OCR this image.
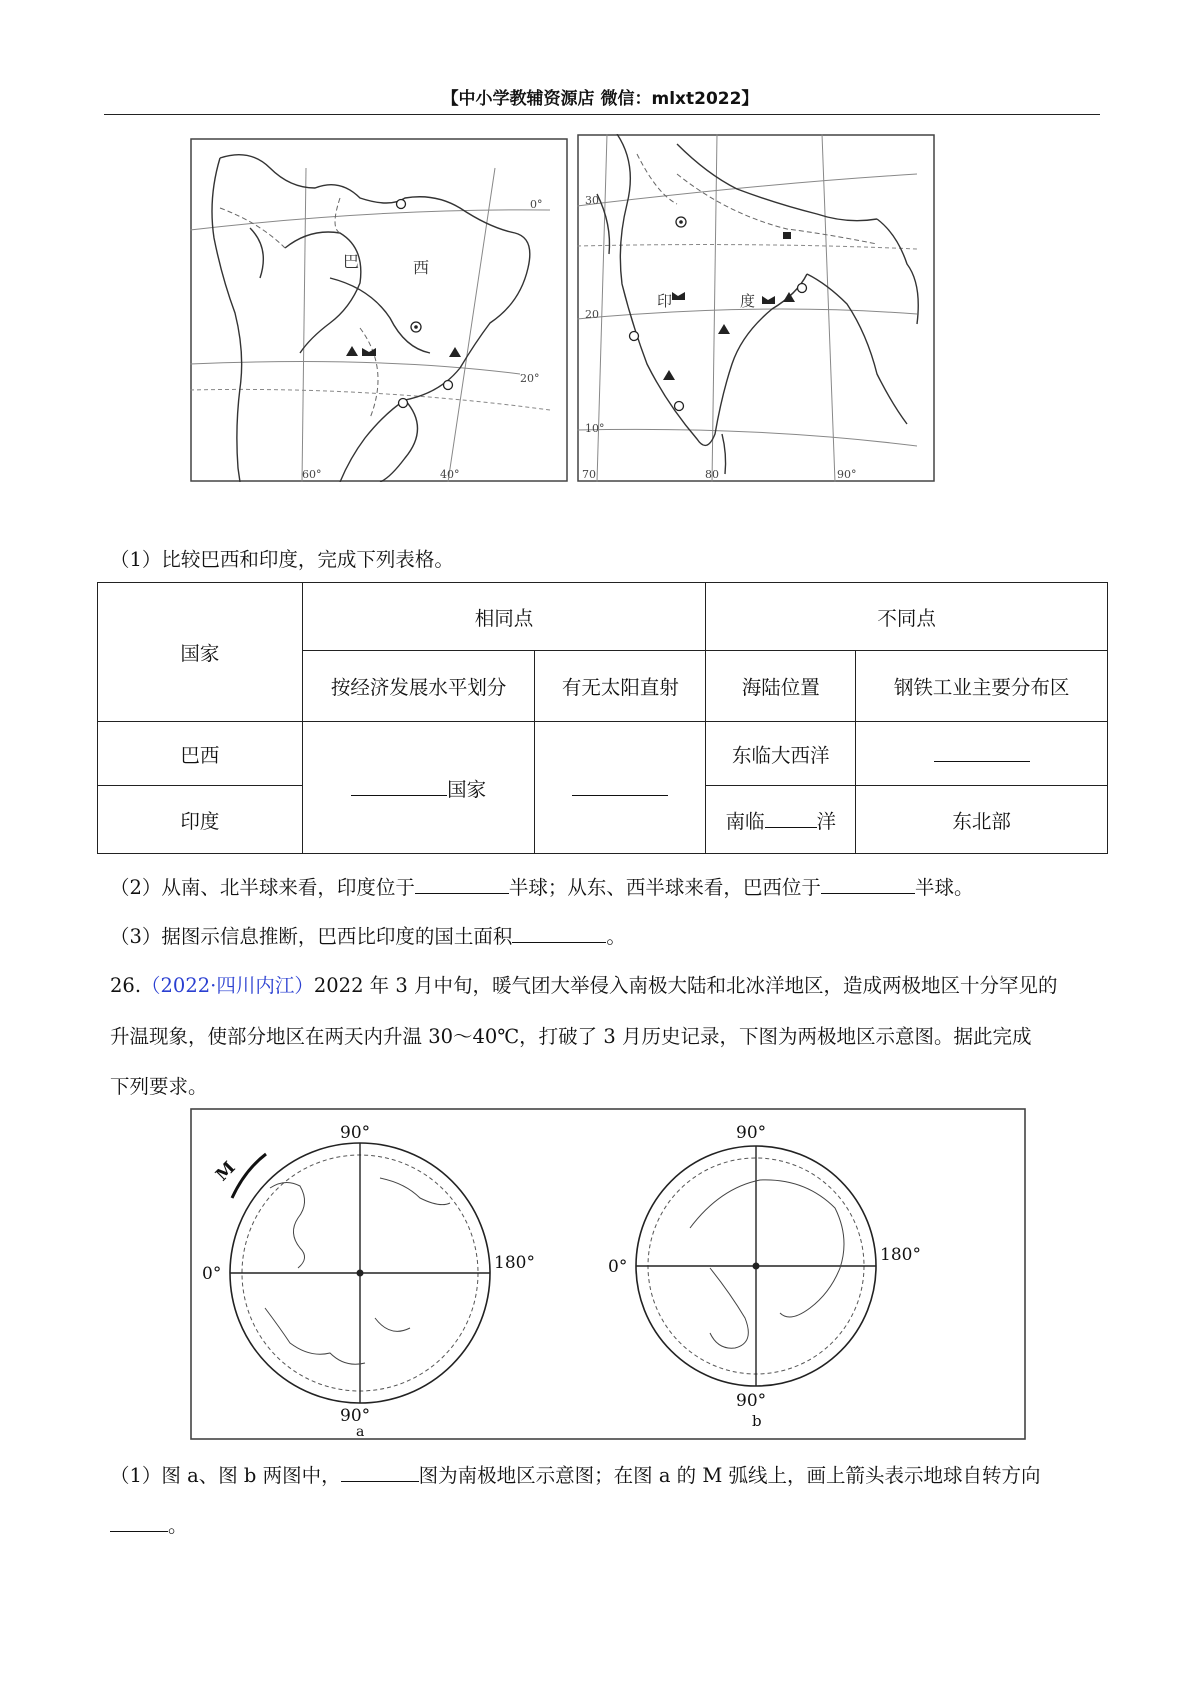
【中小学教辅资源店 微信：mlxt2022】
巴	西
0°
20°
60°	40°
印	度
30
20
10°
70	80	90°
（1）比较巴西和印度，完成下列表格。
国家	相同点		不同点	
	按经济发展水平划分	有无太阳直射	海陆位置	钢铁工业主要分布区
巴西	国家		东临大西洋	
印度			南临 洋	东北部
（2）从南、北半球来看，印度位于	半球；从东、西半球来看，巴西位于	半球。
（3）据图示信息推断，巴西比印度的国土面积	。
26.（2022·四川内江）2022 年 3 月中旬，暖气团大举侵入南极大陆和北冰洋地区，造成两极地区十分罕见的
升温现象，使部分地区在两天内升温 30～40℃，打破了 3 月历史记录，下图为两极地区示意图。据此完成
下列要求。
M
90°
90°
0°
180°
a
90°
90°
0°
180°
b
（1）图 a、图 b 两图中，	图为南极地区示意图；在图 a 的 M 弧线上，画上箭头表示地球自转方向
。
